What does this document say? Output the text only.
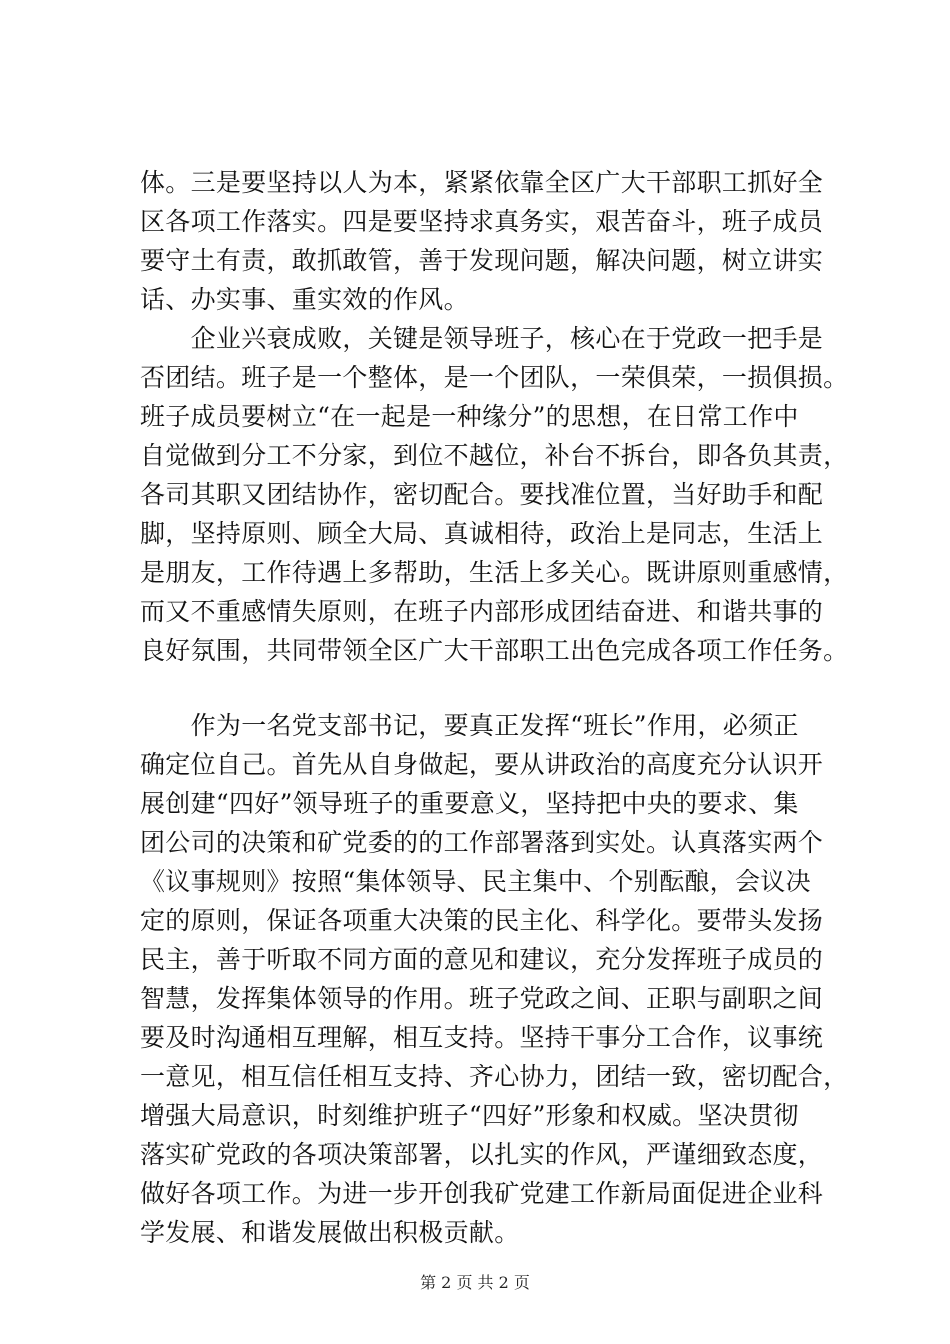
体。三是要坚持以人为本，紧紧依靠全区广大干部职工抓好全
区各项工作落实。四是要坚持求真务实，艰苦奋斗，班子成员
要守土有责，敢抓敢管，善于发现问题，解决问题，树立讲实
话、办实事、重实效的作风。
　　企业兴衰成败，关键是领导班子，核心在于党政一把手是
否团结。班子是一个整体，是一个团队，一荣俱荣，一损俱损。
班子成员要树立“在一起是一种缘分”的思想，在日常工作中
自觉做到分工不分家，到位不越位，补台不拆台，即各负其责，
各司其职又团结协作，密切配合。要找准位置，当好助手和配
脚，坚持原则、顾全大局、真诚相待，政治上是同志，生活上
是朋友，工作待遇上多帮助，生活上多关心。既讲原则重感情，
而又不重感情失原则，在班子内部形成团结奋进、和谐共事的
良好氛围，共同带领全区广大干部职工出色完成各项工作任务。
　　作为一名党支部书记，要真正发挥“班长”作用，必须正
确定位自己。首先从自身做起，要从讲政治的高度充分认识开
展创建“四好”领导班子的重要意义，坚持把中央的要求、集
团公司的决策和矿党委的的工作部署落到实处。认真落实两个
《议事规则》按照“集体领导、民主集中、个别酝酿，会议决
定的原则，保证各项重大决策的民主化、科学化。要带头发扬
民主，善于听取不同方面的意见和建议，充分发挥班子成员的
智慧，发挥集体领导的作用。班子党政之间、正职与副职之间
要及时沟通相互理解，相互支持。坚持干事分工合作，议事统
一意见，相互信任相互支持、齐心协力，团结一致，密切配合，
增强大局意识，时刻维护班子“四好”形象和权威。坚决贯彻
落实矿党政的各项决策部署，以扎实的作风，严谨细致态度，
做好各项工作。为进一步开创我矿党建工作新局面促进企业科
学发展、和谐发展做出积极贡献。
第 2 页 共 2 页
